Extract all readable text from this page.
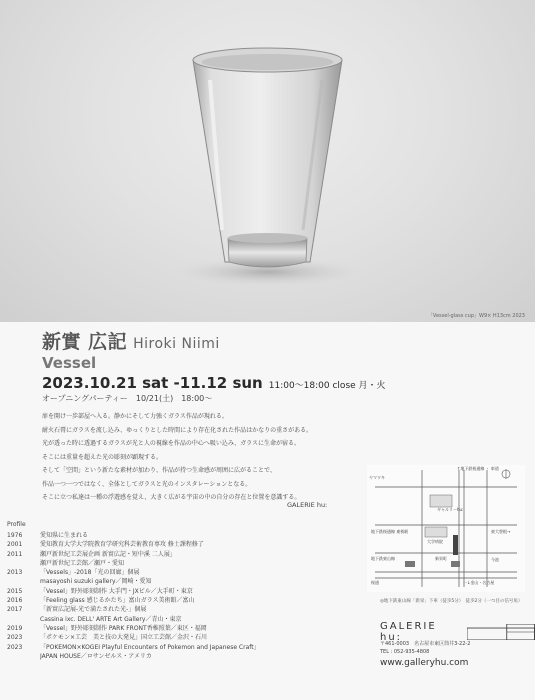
「Vessel-glass cup」W9× H13cm 2023
新實 広記 Hiroki Niimi
Vessel
2023.10.21 sat -11.12 sun 11:00～18:00 close 月・火
オープニングパーティー　10/21(土)　18:00～

扉を開け一歩部屋へ入る。静かにそして力強くガラス作品が現れる。

耐火石膏にガラスを流し込み、ゆっくりとした時間により存在化された作品はかなりの重さがある。

光が透った時に透過するガラスが光と人の視線を作品の中心へ吸い込み、ガラスに生命が宿る。

そこには重量を超えた光の彫刻が顕現する。

そして「空間」という新たな素材が加わり、作品が持つ生命感が周囲に広がることで、

作品一つ一つではなく、全体としてガラスと光のインスタレーションとなる。

そこに立つ私達は一種の浮遊感を覚え、大きく広がる宇宙の中の自分の存在と位置を意識する。

GALERIE hu:
Profile
1976	愛知県に生まれる
2001	愛知教育大学大学院教育学研究科芸術教育専攻 修士課程修了
2011	瀬戸新世紀工芸展企画 新實広記・短中溪 二人展」
瀬戸新世紀工芸館／瀬戸・愛知
2013	「Vessels」-2018「光の回廊」個展
masayoshi suzuki gallery／岡崎・愛知
2015	「Vessel」野外彫刻制作 大手門・JXビル／大手町・東京
2016	「Feeling glass 感じるかたち」富山ガラス美術館／富山
2017	「新實広記展-光で満たされた光-」個展
Cassina ixc. DELL' ARTE Art Gallery／青山・東京
2019	「Vessel」野外彫刻制作 PARK FRONT香椎照葉／東区・福岡
2023	「ポケモン×工芸　美と技の大発見」国立工芸館／金沢・石川
2023	「POKEMON×KOGEI Playful Encounters of Pokemon and Japanese Craft」
JAPAN HOUSE／ロサンゼルス・アメリカ
ヤマワキ
ギャルリーhu:
↑地下鉄桜通線 ・ 車道
地下鉄桜通線 東桜駅
大学病院
地下鉄東山線	新栄町
桜通	一↓金山・名古屋
今池
東大曽根→
◎地下鉄東山線「新栄」下車（徒歩5分）　徒歩2分（一つ目の信号角）
GALERIE hu:
〒461-0003　名古屋市東区筒井3-22-2
TEL : 052-935-4808
www.galleryhu.com
